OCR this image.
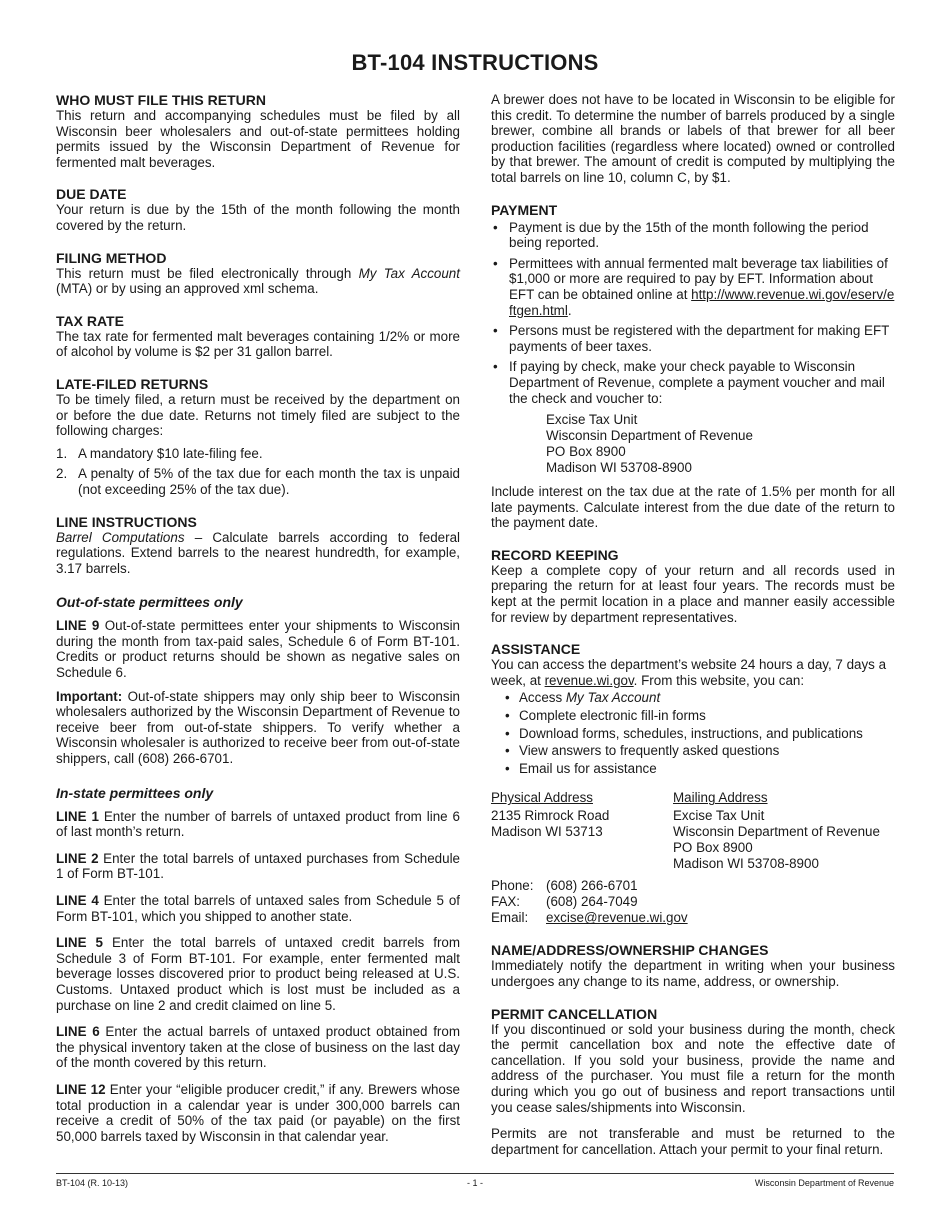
BT-104 INSTRUCTIONS
WHO MUST FILE THIS RETURN

This return and accompanying schedules must be filed by all Wisconsin beer wholesalers and out-of-state permittees holding permits issued by the Wisconsin Department of Revenue for fermented malt beverages.

DUE DATE

Your return is due by the 15th of the month following the month covered by the return.

FILING METHOD

This return must be filed electronically through My Tax Account (MTA) or by using an approved xml schema.

TAX RATE

The tax rate for fermented malt beverages containing 1/2% or more of alcohol by volume is $2 per 31 gallon barrel.

LATE-FILED RETURNS

To be timely filed, a return must be received by the department on or before the due date. Returns not timely filed are subject to the following charges:

1. A mandatory $10 late-filing fee.
2. A penalty of 5% of the tax due for each month the tax is unpaid (not exceeding 25% of the tax due).
LINE INSTRUCTIONS

Barrel Computations – Calculate barrels according to federal regulations. Extend barrels to the nearest hundredth, for example, 3.17 barrels.

Out-of-state permittees only

LINE 9 Out-of-state permittees enter your shipments to Wisconsin during the month from tax-paid sales, Schedule 6 of Form BT-101. Credits or product returns should be shown as negative sales on Schedule 6.

Important: Out-of-state shippers may only ship beer to Wisconsin wholesalers authorized by the Wisconsin Department of Revenue to receive beer from out-of-state shippers. To verify whether a Wisconsin wholesaler is authorized to receive beer from out-of-state shippers, call (608) 266-6701.

In-state permittees only

LINE 1 Enter the number of barrels of untaxed product from line 6 of last month’s return.

LINE 2 Enter the total barrels of untaxed purchases from Schedule 1 of Form BT-101.

LINE 4 Enter the total barrels of untaxed sales from Schedule 5 of Form BT-101, which you shipped to another state.

LINE 5 Enter the total barrels of untaxed credit barrels from Schedule 3 of Form BT-101. For example, enter fermented malt beverage losses discovered prior to product being released at U.S. Customs. Untaxed product which is lost must be included as a purchase on line 2 and credit claimed on line 5.

LINE 6 Enter the actual barrels of untaxed product obtained from the physical inventory taken at the close of business on the last day of the month covered by this return.

LINE 12 Enter your “eligible producer credit,” if any. Brewers whose total production in a calendar year is under 300,000 barrels can receive a credit of 50% of the tax paid (or payable) on the first 50,000 barrels taxed by Wisconsin in that calendar year.

A brewer does not have to be located in Wisconsin to be eligible for this credit. To determine the number of barrels produced by a single brewer, combine all brands or labels of that brewer for all beer production facilities (regardless where located) owned or controlled by that brewer. The amount of credit is computed by multiplying the total barrels on line 10, column C, by $1.

PAYMENT
• Payment is due by the 15th of the month following the period being reported.
• Permittees with annual fermented malt beverage tax liabilities of $1,000 or more are required to pay by EFT. Information about EFT can be obtained online at http://www.revenue.wi.gov/eserv/eftgen.html.
• Persons must be registered with the department for making EFT payments of beer taxes.
• If paying by check, make your check payable to Wisconsin Department of Revenue, complete a payment voucher and mail the check and voucher to:
Excise Tax Unit
Wisconsin Department of Revenue
PO Box 8900
Madison WI 53708-8900

Include interest on the tax due at the rate of 1.5% per month for all late payments. Calculate interest from the due date of the return to the payment date.

RECORD KEEPING

Keep a complete copy of your return and all records used in preparing the return for at least four years. The records must be kept at the permit location in a place and manner easily accessible for review by department representatives.

ASSISTANCE

You can access the department’s website 24 hours a day, 7 days a week, at revenue.wi.gov. From this website, you can:

• Access My Tax Account
• Complete electronic fill-in forms
• Download forms, schedules, instructions, and publications
• View answers to frequently asked questions
• Email us for assistance
Physical Address
2135 Rimrock Road
Madison WI 53713
Mailing Address
Excise Tax Unit
Wisconsin Department of Revenue
PO Box 8900
Madison WI 53708-8900
Phone: (608) 266-6701
FAX:	(608) 264-7049
Email:	excise@revenue.wi.gov
NAME/ADDRESS/OWNERSHIP CHANGES

Immediately notify the department in writing when your business undergoes any change to its name, address, or ownership.

PERMIT CANCELLATION

If you discontinued or sold your business during the month, check the permit cancellation box and note the effective date of cancellation. If you sold your business, provide the name and address of the purchaser. You must file a return for the month during which you go out of business and report transactions until you cease sales/shipments into Wisconsin.

Permits are not transferable and must be returned to the department for cancellation. Attach your permit to your final return.

BT-104 (R. 10-13)	- 1 -	Wisconsin Department of Revenue
